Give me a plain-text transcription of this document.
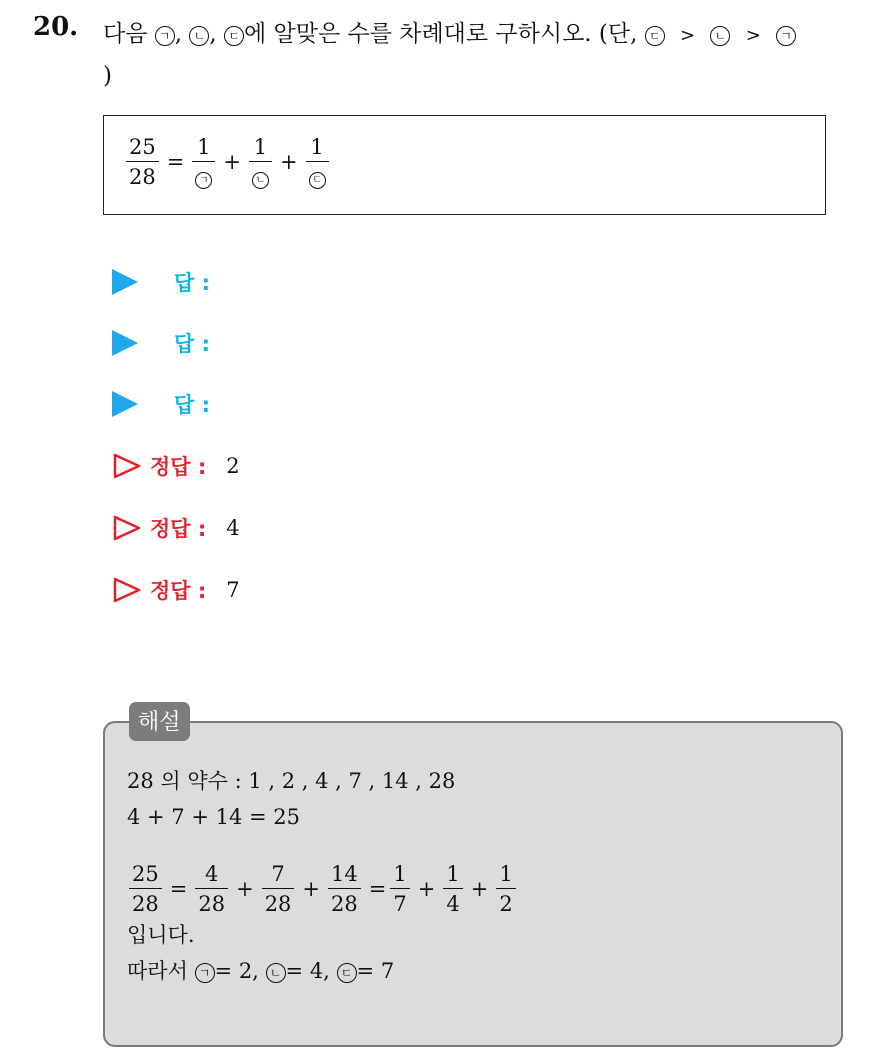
20. 다음 ㄱ , ㄴ , ㄷ 에 알맞은 수를 차례대로 구하시오. (단, ㄷ > ㄴ > ㄱ
)
$\frac{25}{28} = \frac{1}{\text{ㄱ}} + \frac{1}{\text{ㄴ}} + \frac{1}{\text{ㄷ}}$
답 :
답 :
답 :
정답 : 2
정답 : 4
정답 : 7
28 의 약수 : 1 , 2 , 4 , 7 , 14 , 28
4 + 7 + 14 = 25
$\frac{25}{28} = \frac{4}{28} + \frac{7}{28} + \frac{14}{28} = \frac{1}{7} + \frac{1}{4} + \frac{1}{2}$
입니다.
따라서 ㄱ = 2, ㄴ = 4, ㄷ = 7
해설
